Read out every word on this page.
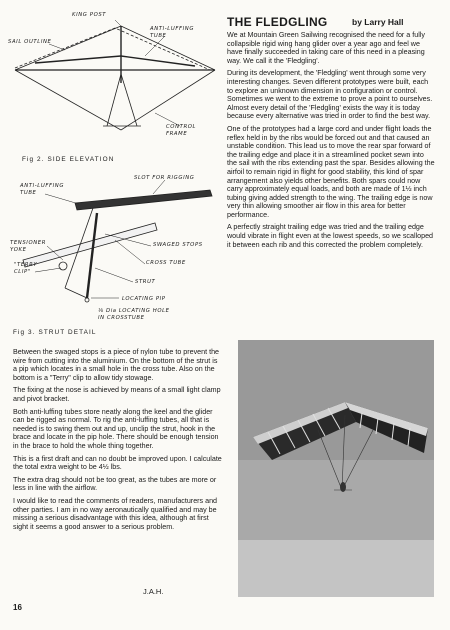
THE FLEDGLING	by Larry Hall

We at Mountain Green Sailwing recognised the need for a fully collapsible rigid wing hang glider over a year ago and feel we have finally succeeded in taking care of this need in a pleasing way. We call it the 'Fledgling'.

During its development, the 'Fledgling' went through some very interesting changes. Seven different prototypes were built, each to explore an unknown dimension in configuration or control. Sometimes we went to the extreme to prove a point to ourselves. Almost every detail of the 'Fledgling' exists the way it is today because every alternative was tried in order to find the best way.

One of the prototypes had a large cord and under flight loads the reflex held in by the ribs would be forced out and that caused an unstable condition. This lead us to move the rear spar forward of the trailing edge and place it in a streamlined pocket sewn into the sail with the ribs extending past the spar. Besides allowing the airfoil to remain rigid in flight for good stability, this kind of spar arrangement also yields other benefits. Both spars could now carry approximately equal loads, and both are made of 1½ inch tubing giving added strength to the wing. The trailing edge is now very thin allowing smoother air flow in this area for better performance.

A perfectly straight trailing edge was tried and the trailing edge would vibrate in flight even at the lowest speeds, so we scalloped it between each rib and this corrected the problem completely.

KING POST
SAIL OUTLINE
ANTI-LUFFING TUBE
CONTROL FRAME
Fig 2. SIDE ELEVATION
SLOT FOR RIGGING
ANTI-LUFFING TUBE
TENSIONER YOKE
"TERRY CLIP"
SWAGED STOPS
CROSS TUBE
STRUT
LOCATING PIP
⅛ Dia LOCATING HOLE IN CROSSTUBE
Fig 3. STRUT DETAIL

Between the swaged stops is a piece of nylon tube to prevent the wire from cutting into the aluminium. On the bottom of the strut is a pip which locates in a small hole in the cross tube. Also on the bottom is a "Terry" clip to allow tidy stowage.

The fixing at the nose is achieved by means of a small light clamp and pivot bracket.

Both anti-luffing tubes store neatly along the keel and the glider can be rigged as normal. To rig the anti-luffing tubes, all that is needed is to swing them out and up, unclip the strut, hook in the brace and locate in the pip hole. There should be enough tension in the brace to hold the whole thing together.

This is a first draft and can no doubt be improved upon. I calculate the total extra weight to be 4½ lbs.

The extra drag should not be too great, as the tubes are more or less in line with the airflow.

I would like to read the comments of readers, manufacturers and other parties. I am in no way aeronautically qualified and may be missing a serious disadvantage with this idea, although at first sight it seems a good answer to a serious problem.

J.A.H.
16
